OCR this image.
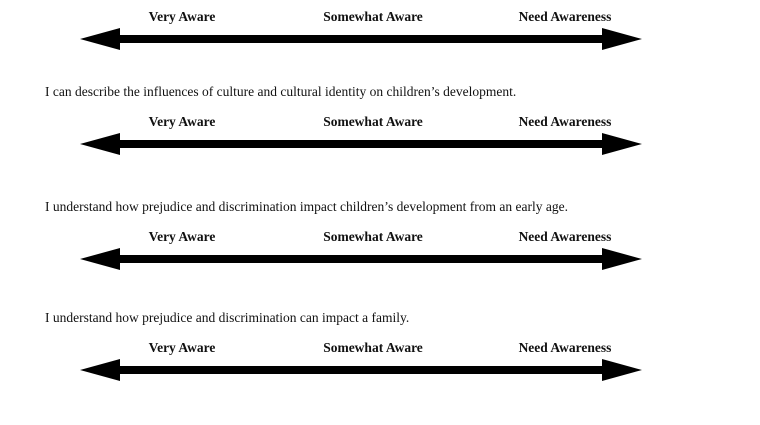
Very Aware	Somewhat Aware	Need Awareness
I can describe the influences of culture and cultural identity on children’s development.
Very Aware	Somewhat Aware	Need Awareness
I understand how prejudice and discrimination impact children’s development from an early age.
Very Aware	Somewhat Aware	Need Awareness
I understand how prejudice and discrimination can impact a family.
Very Aware	Somewhat Aware	Need Awareness
